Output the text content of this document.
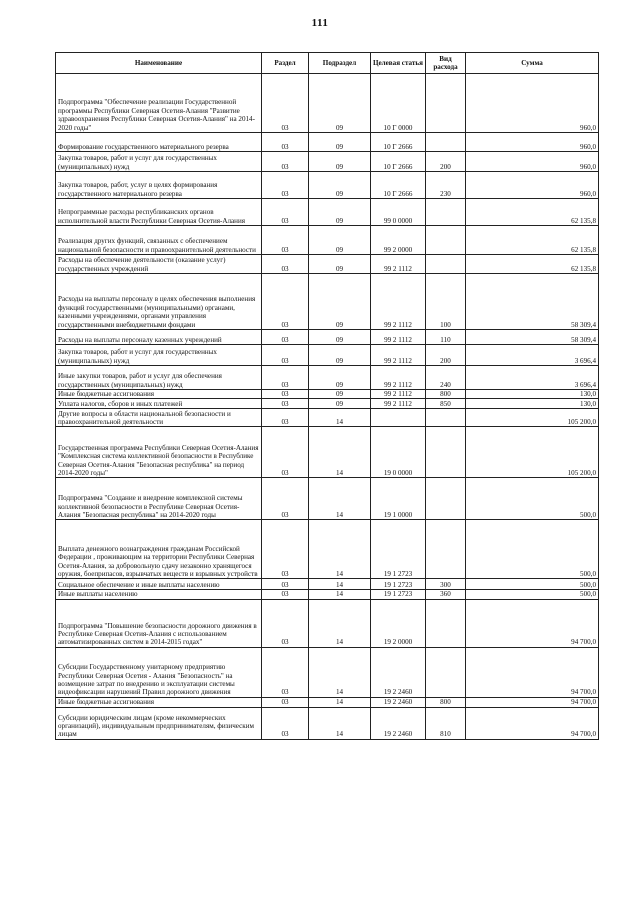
111
Наименование	Раздел	Подраздел	Целевая статья	Вид расхода	Сумма
Подпрограмма "Обеспечение реализации Государственной программы Республики Северная Осетия-Алания "Развитие здравоохранения Республики Северная Осетия-Алания" на 2014-2020 годы"	03	09	10 Г 0000		960,0
Формирование государственного материального резерва	03	09	10 Г 2666		960,0
Закупка товаров, работ и услуг для государственных (муниципальных) нужд	03	09	10 Г 2666	200	960,0
Закупка товаров, работ, услуг в целях формирования государственного материального резерва	03	09	10 Г 2666	230	960,0
Непрограммные расходы республиканских органов исполнительной власти Республики Северная Осетия-Алания	03	09	99 0 0000		62 135,8
Реализация других функций, связанных с обеспечением национальной безопасности и правоохранительной деятельности	03	09	99 2 0000		62 135,8
Расходы на обеспечение деятельности (оказание услуг) государственных учреждений	03	09	99 2 1112		62 135,8
Расходы на выплаты персоналу в целях обеспечения выполнения функций государственными (муниципальными) органами, казенными учреждениями, органами управления государственными внебюджетными фондами	03	09	99 2 1112	100	58 309,4
Расходы на выплаты персоналу казенных учреждений	03	09	99 2 1112	110	58 309,4
Закупка товаров, работ и услуг для государственных (муниципальных) нужд	03	09	99 2 1112	200	3 696,4
Иные закупки товаров, работ и услуг для обеспечения государственных (муниципальных) нужд	03	09	99 2 1112	240	3 696,4
Иные бюджетные ассигнования	03	09	99 2 1112	800	130,0
Уплата налогов, сборов и иных платежей	03	09	99 2 1112	850	130,0
Другие вопросы в области национальной безопасности и правоохранительной деятельности	03	14			105 200,0
Государственная программа Республики Северная Осетия-Алания "Комплексная система коллективной безопасности в Республике Северная Осетия-Алания "Безопасная республика" на период 2014-2020 годы"	03	14	19 0 0000		105 200,0
Подпрограмма "Создание и внедрение комплексной системы коллективной безопасности в Республике Северная Осетия-Алания "Безопасная республика" на 2014-2020 годы	03	14	19 1 0000		500,0
Выплата денежного вознаграждения гражданам Российской Федерации , проживающим на территории Республики Северная Осетия-Алания, за добровольную сдачу незаконно хранящегося оружия, боеприпасов, взрывчатых веществ и взрывных устройств	03	14	19 1 2723		500,0
Социальное обеспечение и иные выплаты населению	03	14	19 1 2723	300	500,0
Иные выплаты населению	03	14	19 1 2723	360	500,0
Подпрограмма "Повышение безопасности дорожного движения в Республике Северная Осетия-Алания с использованием автоматизированных систем в 2014-2015 годах"	03	14	19 2 0000		94 700,0
Субсидии Государственному унитарному предприятию Республики Северная Осетия - Алания "Безопасность" на возмещение затрат по внедрению и эксплуатации системы видеофиксации нарушений Правил дорожного движения	03	14	19 2 2460		94 700,0
Иные бюджетные ассигнования	03	14	19 2 2460	800	94 700,0
Субсидии юридическим лицам (кроме некоммерческих организаций), индивидуальным предпринимателям, физическим лицам	03	14	19 2 2460	810	94 700,0
